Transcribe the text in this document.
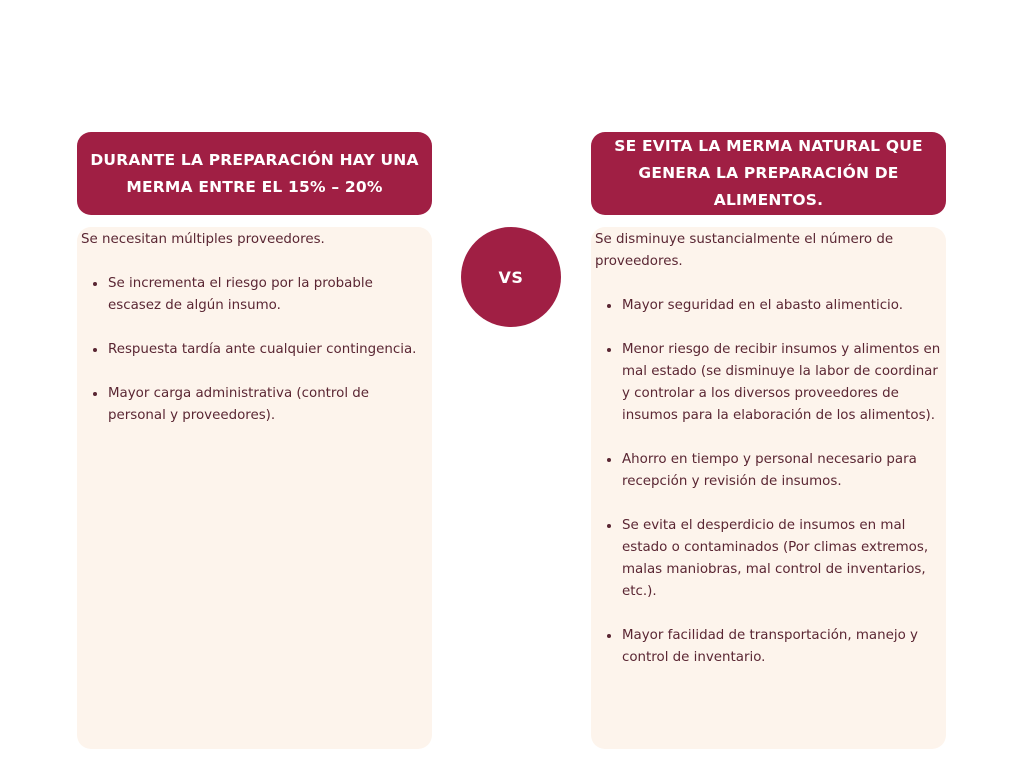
DURANTE LA PREPARACIÓN HAY UNA MERMA ENTRE EL 15% – 20%
SE EVITA LA MERMA NATURAL QUE GENERA LA PREPARACIÓN DE ALIMENTOS.
VS

Se necesitan múltiples proveedores.

Se incrementa el riesgo por la probable escasez de algún insumo.
Respuesta tardía ante cualquier contingencia.
Mayor carga administrativa (control de personal y proveedores).

Se disminuye sustancialmente el número de proveedores.

Mayor seguridad en el abasto alimenticio.
Menor riesgo de recibir insumos y alimentos en mal estado (se disminuye la labor de coordinar y controlar a los diversos proveedores de insumos para la elaboración de los alimentos).
Ahorro en tiempo y personal necesario para recepción y revisión de insumos.
Se evita el desperdicio de insumos en mal estado o contaminados (Por climas extremos, malas maniobras, mal control de inventarios, etc.).
Mayor facilidad de transportación, manejo y control de inventario.
